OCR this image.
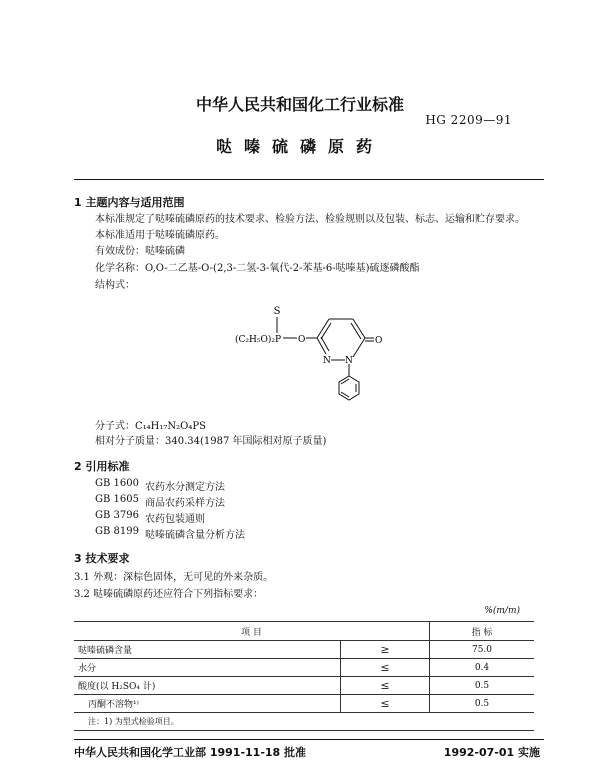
中华人民共和国化工行业标准
HG 2209—91
哒嗪硫磷原药
1 主题内容与适用范围
本标准规定了哒嗪硫磷原药的技术要求、检验方法、检验规则以及包装、标志、运输和贮存要求。
本标准适用于哒嗪硫磷原药。
有效成份：哒嗪硫磷
化学名称：O,O-二乙基-O-(2,3-二氢-3-氧代-2-苯基-6-哒嗪基)硫逐磷酸酯
结构式：
S
(C₂H₅O)₂P O	O
N N
分子式：C₁₄H₁₇N₂O₄PS
相对分子质量：340.34(1987 年国际相对原子质量)
2 引用标准
GB 1600 农药水分测定方法
GB 1605 商品农药采样方法
GB 3796 农药包装通则
GB 8199 哒嗪硫磷含量分析方法
3 技术要求
3.1 外观：深棕色固体，无可见的外来杂质。
3.2 哒嗪硫磷原药还应符合下列指标要求：
%(m/m)
项 目		指 标
哒嗪硫磷含量	≥	75.0
水分	≤	0.4
酸度(以 H₂SO₄ 计)	≤	0.5
丙酮不溶物¹⁾	≤	0.5
注：1) 为型式检验项目。		
中华人民共和国化学工业部 1991-11-18 批准	1992-07-01 实施
